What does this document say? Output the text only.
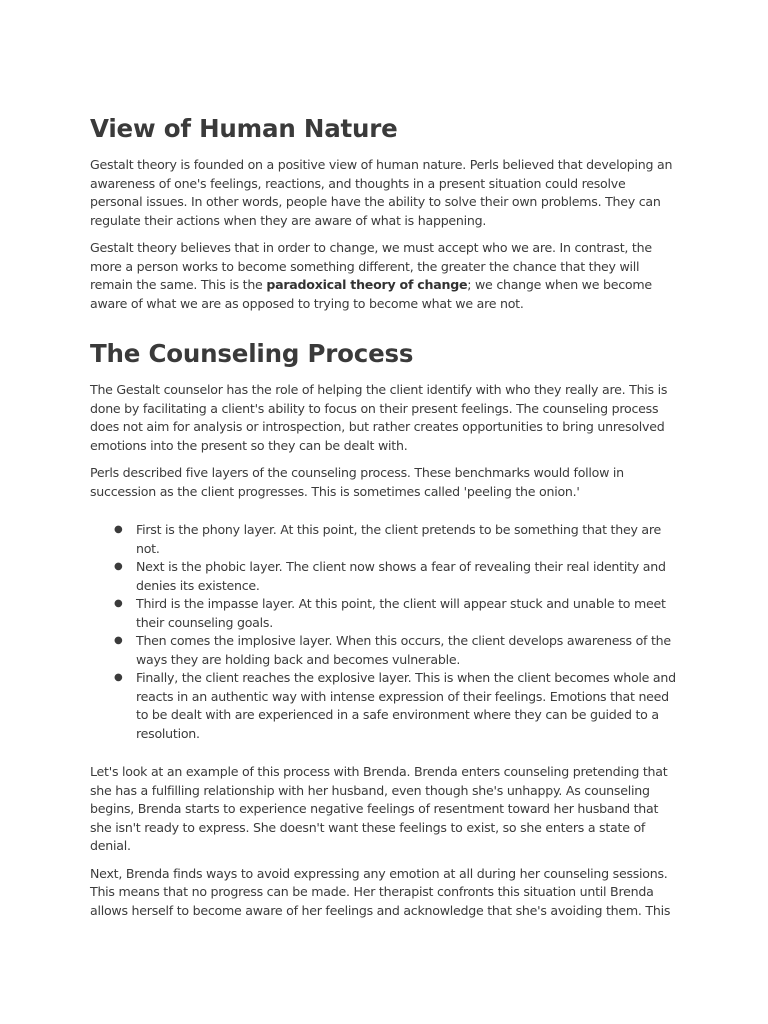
View of Human Nature

Gestalt theory is founded on a positive view of human nature. Perls believed that developing an awareness of one's feelings, reactions, and thoughts in a present situation could resolve personal issues. In other words, people have the ability to solve their own problems. They can regulate their actions when they are aware of what is happening.

Gestalt theory believes that in order to change, we must accept who we are. In contrast, the more a person works to become something different, the greater the chance that they will remain the same. This is the paradoxical theory of change; we change when we become aware of what we are as opposed to trying to become what we are not.

The Counseling Process

The Gestalt counselor has the role of helping the client identify with who they really are. This is done by facilitating a client's ability to focus on their present feelings. The counseling process does not aim for analysis or introspection, but rather creates opportunities to bring unresolved emotions into the present so they can be dealt with.

Perls described five layers of the counseling process. These benchmarks would follow in succession as the client progresses. This is sometimes called 'peeling the onion.'

● First is the phony layer. At this point, the client pretends to be something that they are not.
● Next is the phobic layer. The client now shows a fear of revealing their real identity and denies its existence.
● Third is the impasse layer. At this point, the client will appear stuck and unable to meet their counseling goals.
● Then comes the implosive layer. When this occurs, the client develops awareness of the ways they are holding back and becomes vulnerable.
● Finally, the client reaches the explosive layer. This is when the client becomes whole and reacts in an authentic way with intense expression of their feelings. Emotions that need to be dealt with are experienced in a safe environment where they can be guided to a resolution.

Let's look at an example of this process with Brenda. Brenda enters counseling pretending that she has a fulfilling relationship with her husband, even though she's unhappy. As counseling begins, Brenda starts to experience negative feelings of resentment toward her husband that she isn't ready to express. She doesn't want these feelings to exist, so she enters a state of denial.

Next, Brenda finds ways to avoid expressing any emotion at all during her counseling sessions. This means that no progress can be made. Her therapist confronts this situation until Brenda allows herself to become aware of her feelings and acknowledge that she's avoiding them. This
